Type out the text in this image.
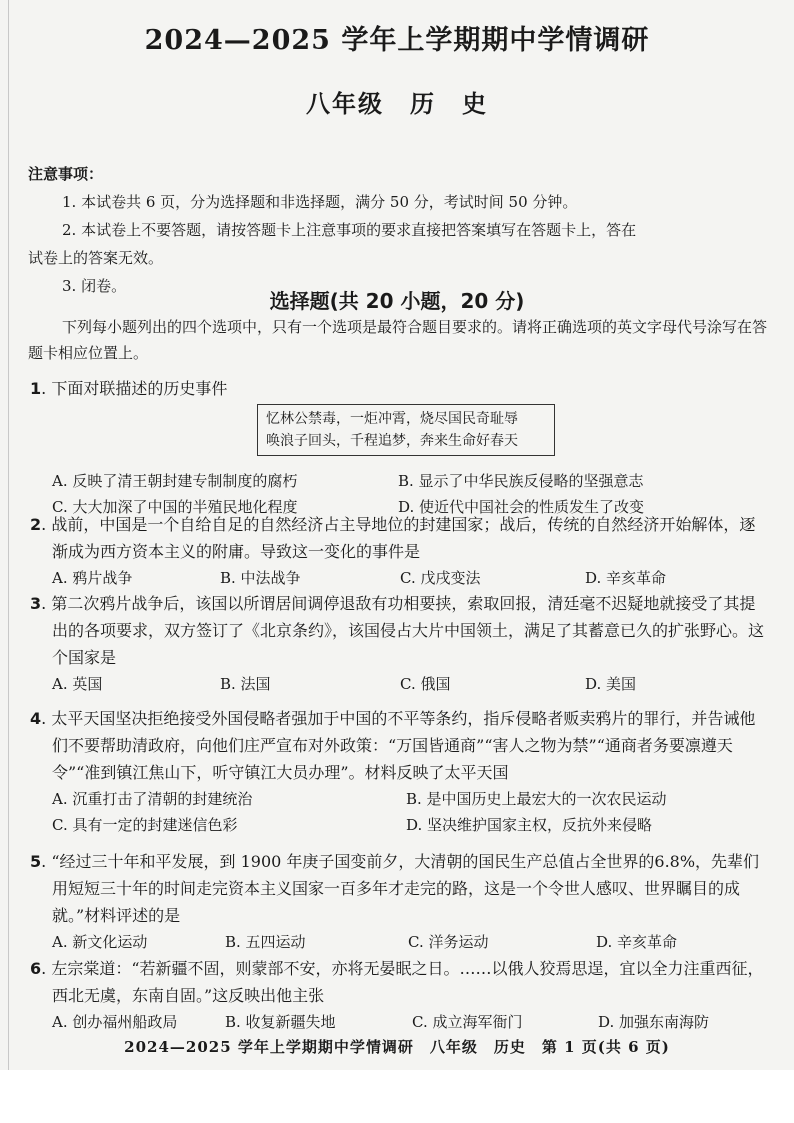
2024—2025 学年上学期期中学情调研
八年级　历　史
注意事项：
1. 本试卷共 6 页，分为选择题和非选择题，满分 50 分，考试时间 50 分钟。
2. 本试卷上不要答题，请按答题卡上注意事项的要求直接把答案填写在答题卡上，答在
试卷上的答案无效。
3. 闭卷。
选择题(共 20 小题，20 分)
下列每小题列出的四个选项中，只有一个选项是最符合题目要求的。请将正确选项的英文字母代号涂写在答题卡相应位置上。
1. 下面对联描述的历史事件
忆林公禁毒，一炬冲霄，烧尽国民奇耻辱
唤浪子回头，千程追梦，奔来生命好春天
A. 反映了清王朝封建专制制度的腐朽	B. 显示了中华民族反侵略的坚强意志
C. 大大加深了中国的半殖民地化程度	D. 使近代中国社会的性质发生了改变
2. 战前，中国是一个自给自足的自然经济占主导地位的封建国家；战后，传统的自然经济开始解体，逐渐成为西方资本主义的附庸。导致这一变化的事件是
A. 鸦片战争	B. 中法战争	C. 戊戌变法	D. 辛亥革命
3. 第二次鸦片战争后，该国以所谓居间调停退敌有功相要挟，索取回报，清廷毫不迟疑地就接受了其提出的各项要求，双方签订了《北京条约》，该国侵占大片中国领土，满足了其蓄意已久的扩张野心。这个国家是
A. 英国	B. 法国	C. 俄国	D. 美国
4. 太平天国坚决拒绝接受外国侵略者强加于中国的不平等条约，指斥侵略者贩卖鸦片的罪行，并告诫他们不要帮助清政府，向他们庄严宣布对外政策：“万国皆通商”“害人之物为禁”“通商者务要凛遵天令”“准到镇江焦山下，听守镇江大员办理”。材料反映了太平天国
A. 沉重打击了清朝的封建统治	B. 是中国历史上最宏大的一次农民运动
C. 具有一定的封建迷信色彩	D. 坚决维护国家主权，反抗外来侵略
5. “经过三十年和平发展，到 1900 年庚子国变前夕，大清朝的国民生产总值占全世界的6.8%，先辈们用短短三十年的时间走完资本主义国家一百多年才走完的路，这是一个令世人感叹、世界瞩目的成就。”材料评述的是
A. 新文化运动	B. 五四运动	C. 洋务运动	D. 辛亥革命
6. 左宗棠道：“若新疆不固，则蒙部不安，亦将无晏眠之日。……以俄人狡焉思逞，宜以全力注重西征，西北无虞，东南自固。”这反映出他主张
A. 创办福州船政局	B. 收复新疆失地	C. 成立海军衙门	D. 加强东南海防
2024—2025 学年上学期期中学情调研　八年级　历史　第 1 页(共 6 页)
